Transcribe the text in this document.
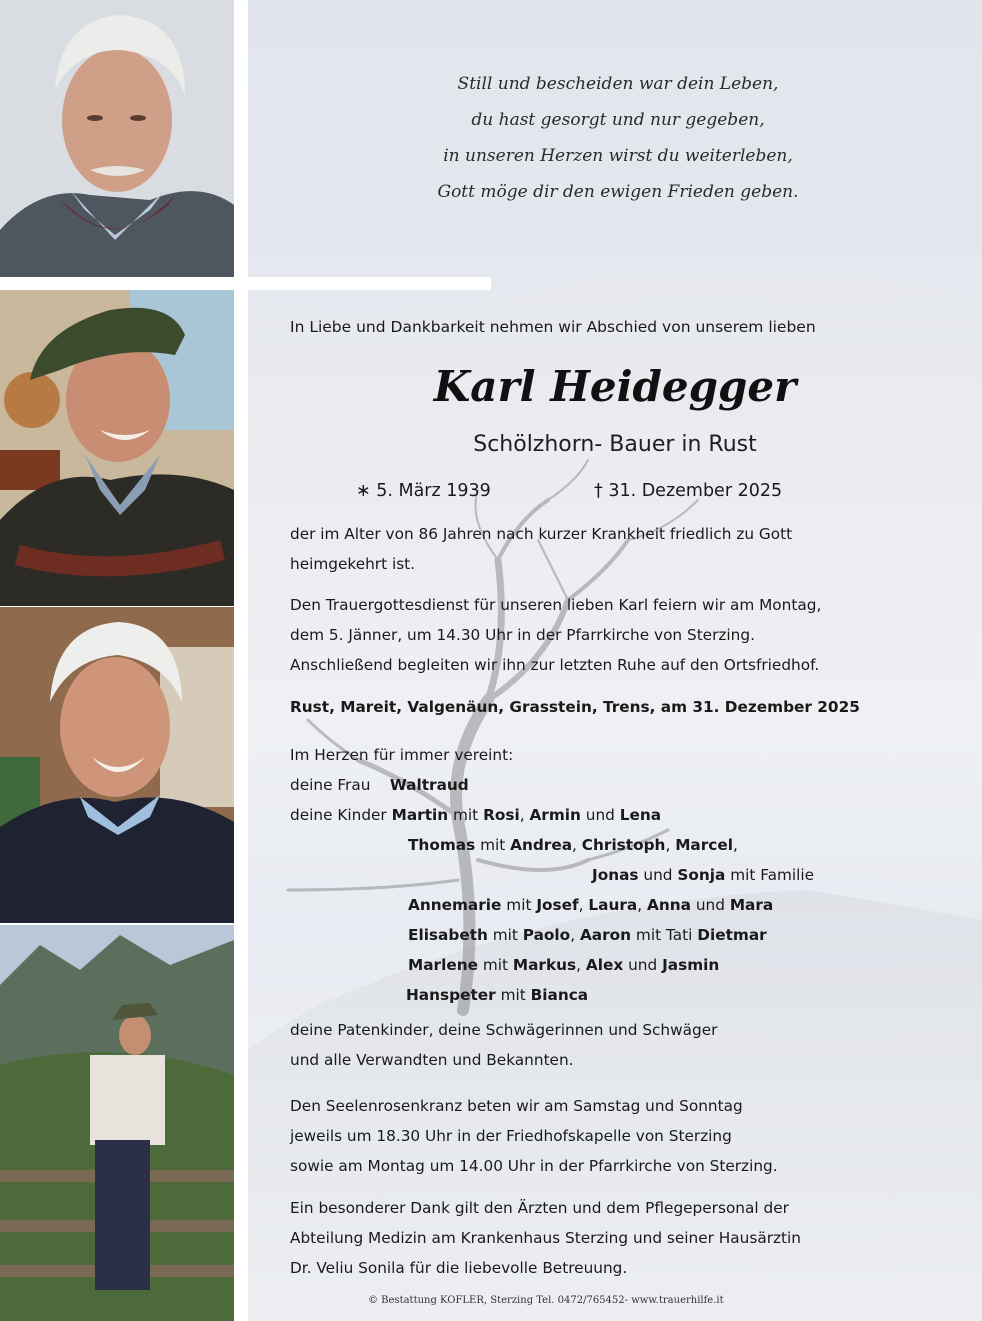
Still und bescheiden war dein Leben,
du hast gesorgt und nur gegeben,
in unseren Herzen wirst du weiterleben,
Gott möge dir den ewigen Frieden geben.
In Liebe und Dankbarkeit nehmen wir Abschied von unserem lieben
Karl Heidegger
Schölzhorn- Bauer in Rust
∗ 5. März 1939	† 31. Dezember 2025
der im Alter von 86 Jahren nach kurzer Krankheit friedlich zu Gott
heimgekehrt ist.
Den Trauergottesdienst für unseren lieben Karl feiern wir am Montag,
dem 5. Jänner, um 14.30 Uhr in der Pfarrkirche von Sterzing.
Anschließend begleiten wir ihn zur letzten Ruhe auf den Ortsfriedhof.
Rust, Mareit, Valgenäun, Grasstein, Trens, am 31. Dezember 2025
Im Herzen für immer vereint:
deine Frau Waltraud
deine Kinder Martin mit Rosi, Armin und Lena
Thomas mit Andrea, Christoph, Marcel,
Jonas und Sonja mit Familie
Annemarie mit Josef, Laura, Anna und Mara
Elisabeth mit Paolo, Aaron mit Tati Dietmar
Marlene mit Markus, Alex und Jasmin
Hanspeter mit Bianca
deine Patenkinder, deine Schwägerinnen und Schwäger
und alle Verwandten und Bekannten.
Den Seelenrosenkranz beten wir am Samstag und Sonntag
jeweils um 18.30 Uhr in der Friedhofskapelle von Sterzing
sowie am Montag um 14.00 Uhr in der Pfarrkirche von Sterzing.
Ein besonderer Dank gilt den Ärzten und dem Pflegepersonal der
Abteilung Medizin am Krankenhaus Sterzing und seiner Hausärztin
Dr. Veliu Sonila für die liebevolle Betreuung.
© Bestattung KOFLER, Sterzing Tel. 0472/765452- www.trauerhilfe.it
